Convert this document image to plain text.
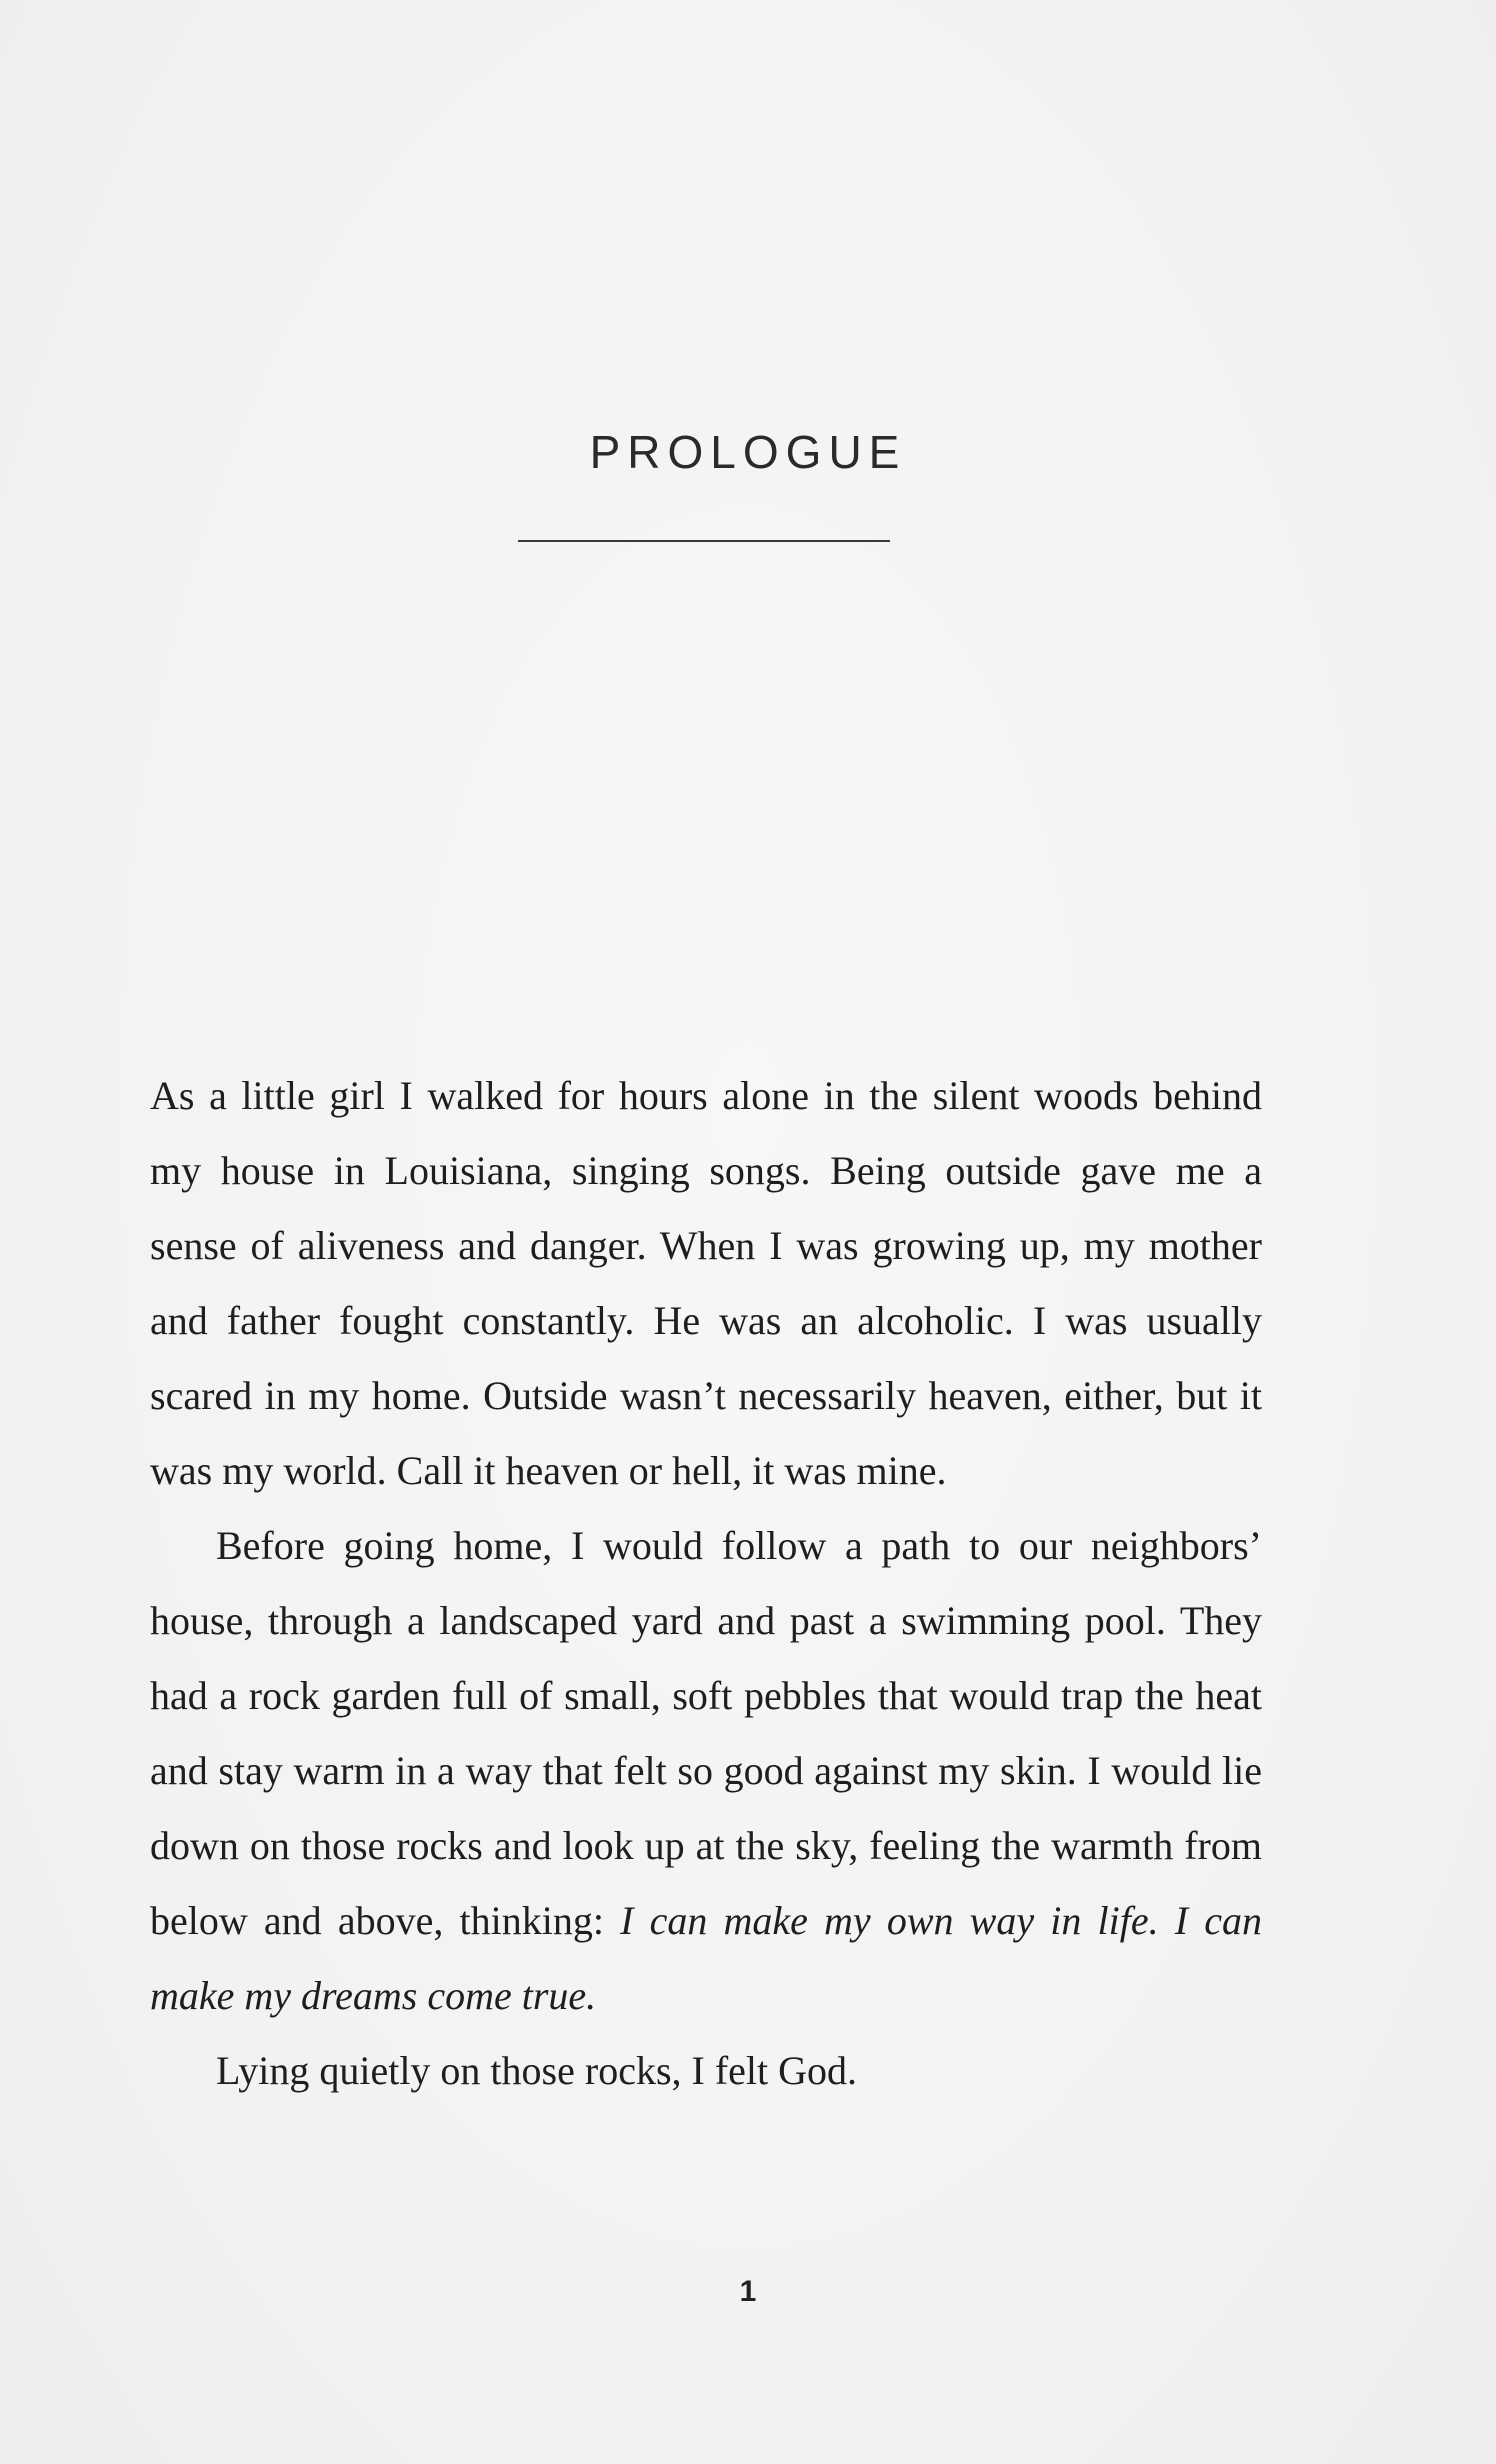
PROLOGUE

As a little girl I walked for hours alone in the silent woods behind my house in Louisiana, singing songs. Being outside gave me a sense of aliveness and danger. When I was growing up, my mother and father fought constantly. He was an alcoholic. I was usually scared in my home. Outside wasn’t necessarily heaven, either, but it was my world. Call it heaven or hell, it was mine.

Before going home, I would follow a path to our neighbors’ house, through a landscaped yard and past a swimming pool. They had a rock garden full of small, soft pebbles that would trap the heat and stay warm in a way that felt so good against my skin. I would lie down on those rocks and look up at the sky, feeling the warmth from below and above, thinking: I can make my own way in life. I can make my dreams come true.

Lying quietly on those rocks, I felt God.

1
